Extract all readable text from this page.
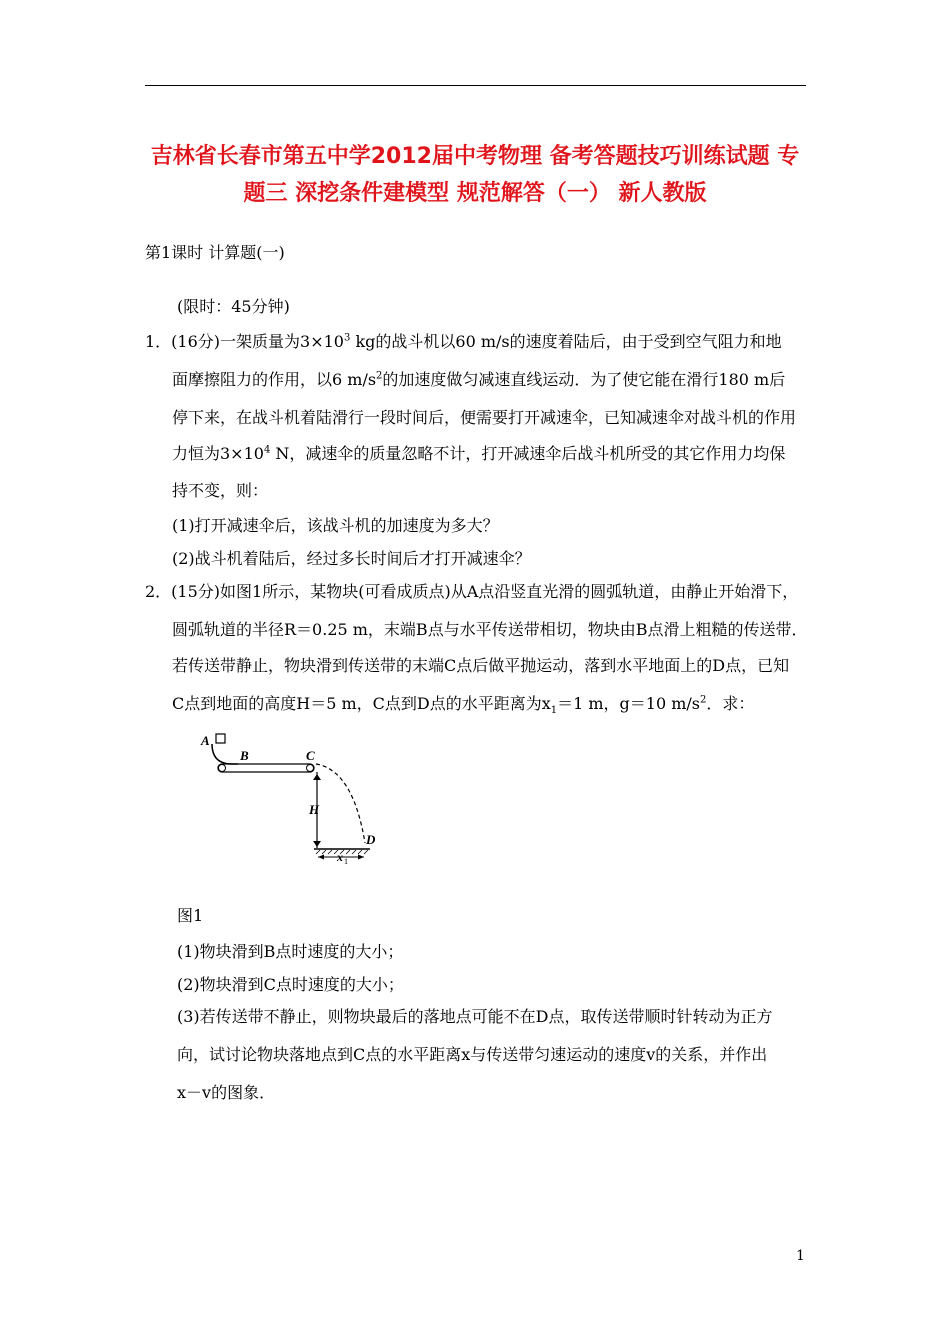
吉林省长春市第五中学2012届中考物理 备考答题技巧训练试题 专
题三 深挖条件建模型 规范解答（一） 新人教版
第1课时 计算题(一)
(限时：45分钟)
1．(16分)一架质量为$3\times 10^3$ kg的战斗机以60 m/s的速度着陆后，由于受到空气阻力和地
面摩擦阻力的作用，以6 $m/s^2$的加速度做匀减速直线运动．为了使它能在滑行180 m后
停下来，在战斗机着陆滑行一段时间后，便需要打开减速伞，已知减速伞对战斗机的作用
力恒为$3\times 10^4$ N，减速伞的质量忽略不计，打开减速伞后战斗机所受的其它作用力均保
持不变，则：
(1)打开减速伞后，该战斗机的加速度为多大？
(2)战斗机着陆后，经过多长时间后才打开减速伞？
2．(15分)如图1所示，某物块(可看成质点)从A点沿竖直光滑的圆弧轨道，由静止开始滑下，
圆弧轨道的半径R＝0.25 m，末端B点与水平传送带相切，物块由B点滑上粗糙的传送带．
若传送带静止，物块滑到传送带的末端C点后做平抛运动，落到水平地面上的D点，已知
C点到地面的高度H＝5 m，C点到D点的水平距离为$x_1=1$ m，g＝10 $m/s^2$．求：
A
B	C
D
H
x 1
图1
(1)物块滑到B点时速度的大小；
(2)物块滑到C点时速度的大小；
(3)若传送带不静止，则物块最后的落地点可能不在D点，取传送带顺时针转动为正方
向，试讨论物块落地点到C点的水平距离x与传送带匀速运动的速度v的关系，并作出
x－v的图象．
1
